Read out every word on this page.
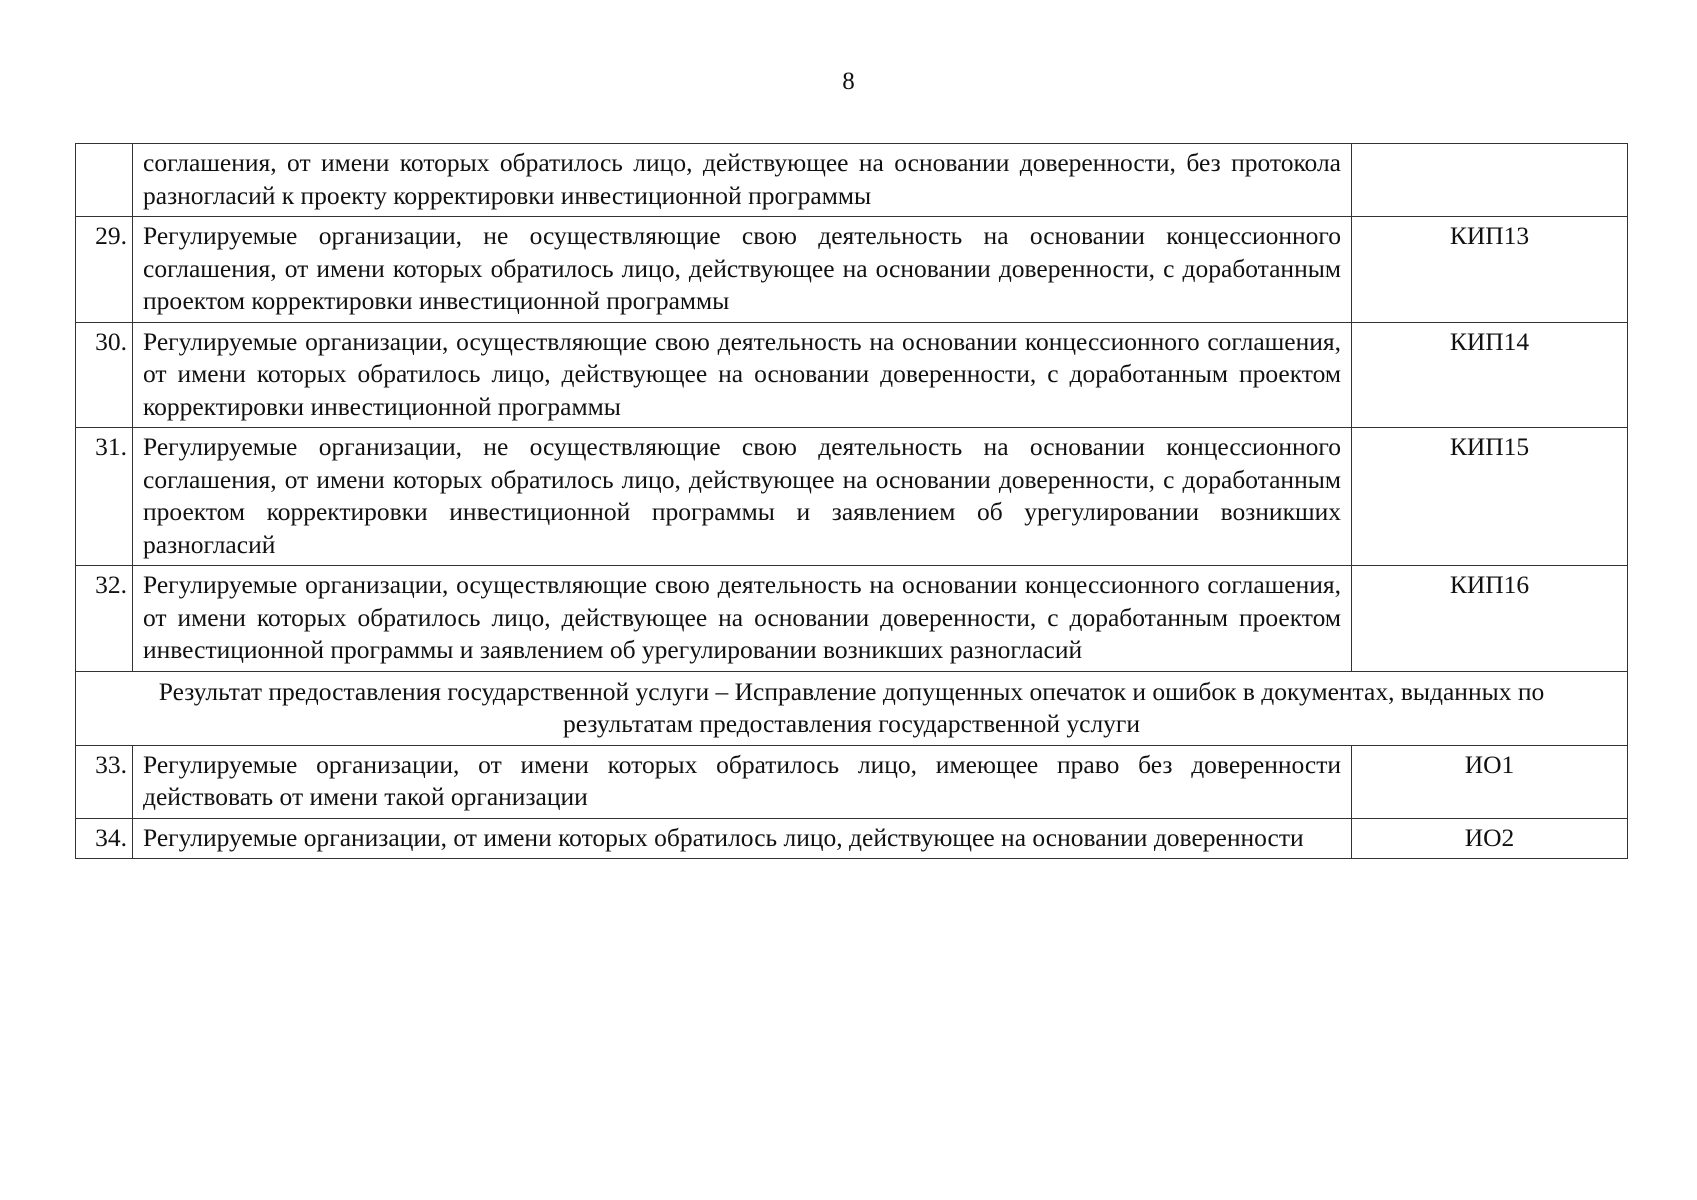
8
	соглашения, от имени которых обратилось лицо, действующее на основании доверенности, без протокола разногласий к проекту корректировки инвестиционной программы	
29.	Регулируемые организации, не осуществляющие свою деятельность на основании концессионного соглашения, от имени которых обратилось лицо, действующее на основании доверенности, с доработанным проектом корректировки инвестиционной программы	КИП13
30.	Регулируемые организации, осуществляющие свою деятельность на основании концессионного соглашения, от имени которых обратилось лицо, действующее на основании доверенности, с доработанным проектом корректировки инвестиционной программы	КИП14
31.	Регулируемые организации, не осуществляющие свою деятельность на основании концессионного соглашения, от имени которых обратилось лицо, действующее на основании доверенности, с доработанным проектом корректировки инвестиционной программы и заявлением об урегулировании возникших разногласий	КИП15
32.	Регулируемые организации, осуществляющие свою деятельность на основании концессионного соглашения, от имени которых обратилось лицо, действующее на основании доверенности, с доработанным проектом инвестиционной программы и заявлением об урегулировании возникших разногласий	КИП16
Результат предоставления государственной услуги – Исправление допущенных опечаток и ошибок в документах, выданных по результатам предоставления государственной услуги		
33.	Регулируемые организации, от имени которых обратилось лицо, имеющее право без доверенности действовать от имени такой организации	ИО1
34.	Регулируемые организации, от имени которых обратилось лицо, действующее на основании доверенности	ИО2
